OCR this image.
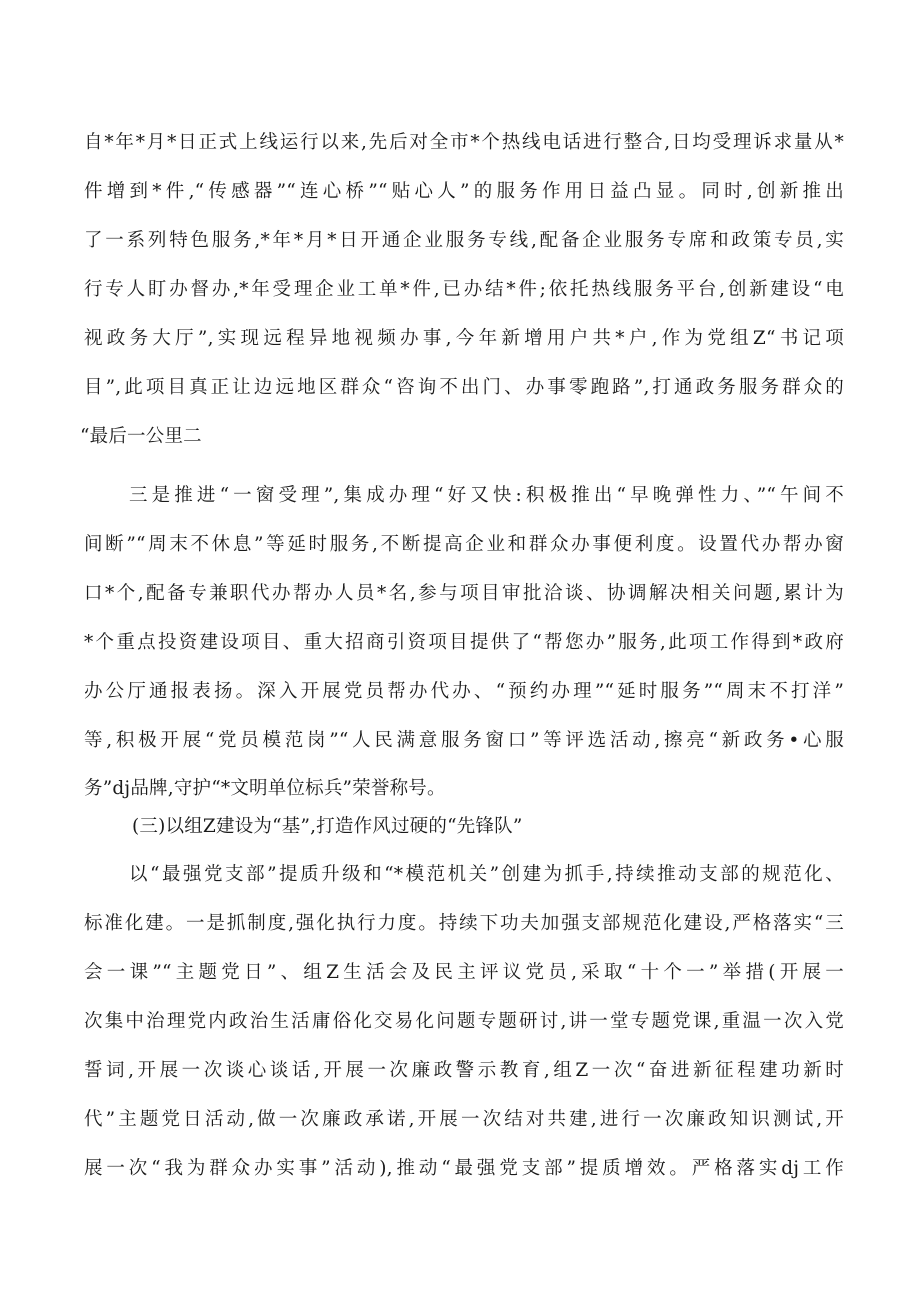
自*年*月*日正式上线运行以来,先后对全市*个热线电话进行整合,日均受理诉求量从*
件增到*件,“传感器”“连心桥”“贴心人”的服务作用日益凸显。同时,创新推出
了一系列特色服务,*年*月*日开通企业服务专线,配备企业服务专席和政策专员,实
行专人盯办督办,*年受理企业工单*件,已办结*件;依托热线服务平台,创新建设“电
视政务大厅”,实现远程异地视频办事,今年新增用户共*户,作为党组Z“书记项
目”,此项目真正让边远地区群众“咨询不出门、办事零跑路”,打通政务服务群众的
“最后一公里二
三是推进“一窗受理”,集成办理“好又快:积极推出“早晚弹性力、”“午间不
间断”“周末不休息”等延时服务,不断提高企业和群众办事便利度。设置代办帮办窗
口*个,配备专兼职代办帮办人员*名,参与项目审批洽谈、协调解决相关问题,累计为
*个重点投资建设项目、重大招商引资项目提供了“帮您办”服务,此项工作得到*政府
办公厅通报表扬。深入开展党员帮办代办、“预约办理”“延时服务”“周末不打洋”
等,积极开展“党员模范岗”“人民满意服务窗口”等评选活动,擦亮“新政务•心服
务”dj品牌,守护“*文明单位标兵”荣誉称号。
(三)以组Z建设为“基”,打造作风过硬的“先锋队”
以“最强党支部”提质升级和“*模范机关”创建为抓手,持续推动支部的规范化、
标准化建。一是抓制度,强化执行力度。持续下功夫加强支部规范化建设,严格落实“三
会一课”“主题党日”、组Z生活会及民主评议党员,采取“十个一”举措(开展一
次集中治理党内政治生活庸俗化交易化问题专题研讨,讲一堂专题党课,重温一次入党
誓词,开展一次谈心谈话,开展一次廉政警示教育,组Z一次“奋进新征程建功新时
代”主题党日活动,做一次廉政承诺,开展一次结对共建,进行一次廉政知识测试,开
展一次“我为群众办实事”活动),推动“最强党支部”提质增效。严格落实dj工作
